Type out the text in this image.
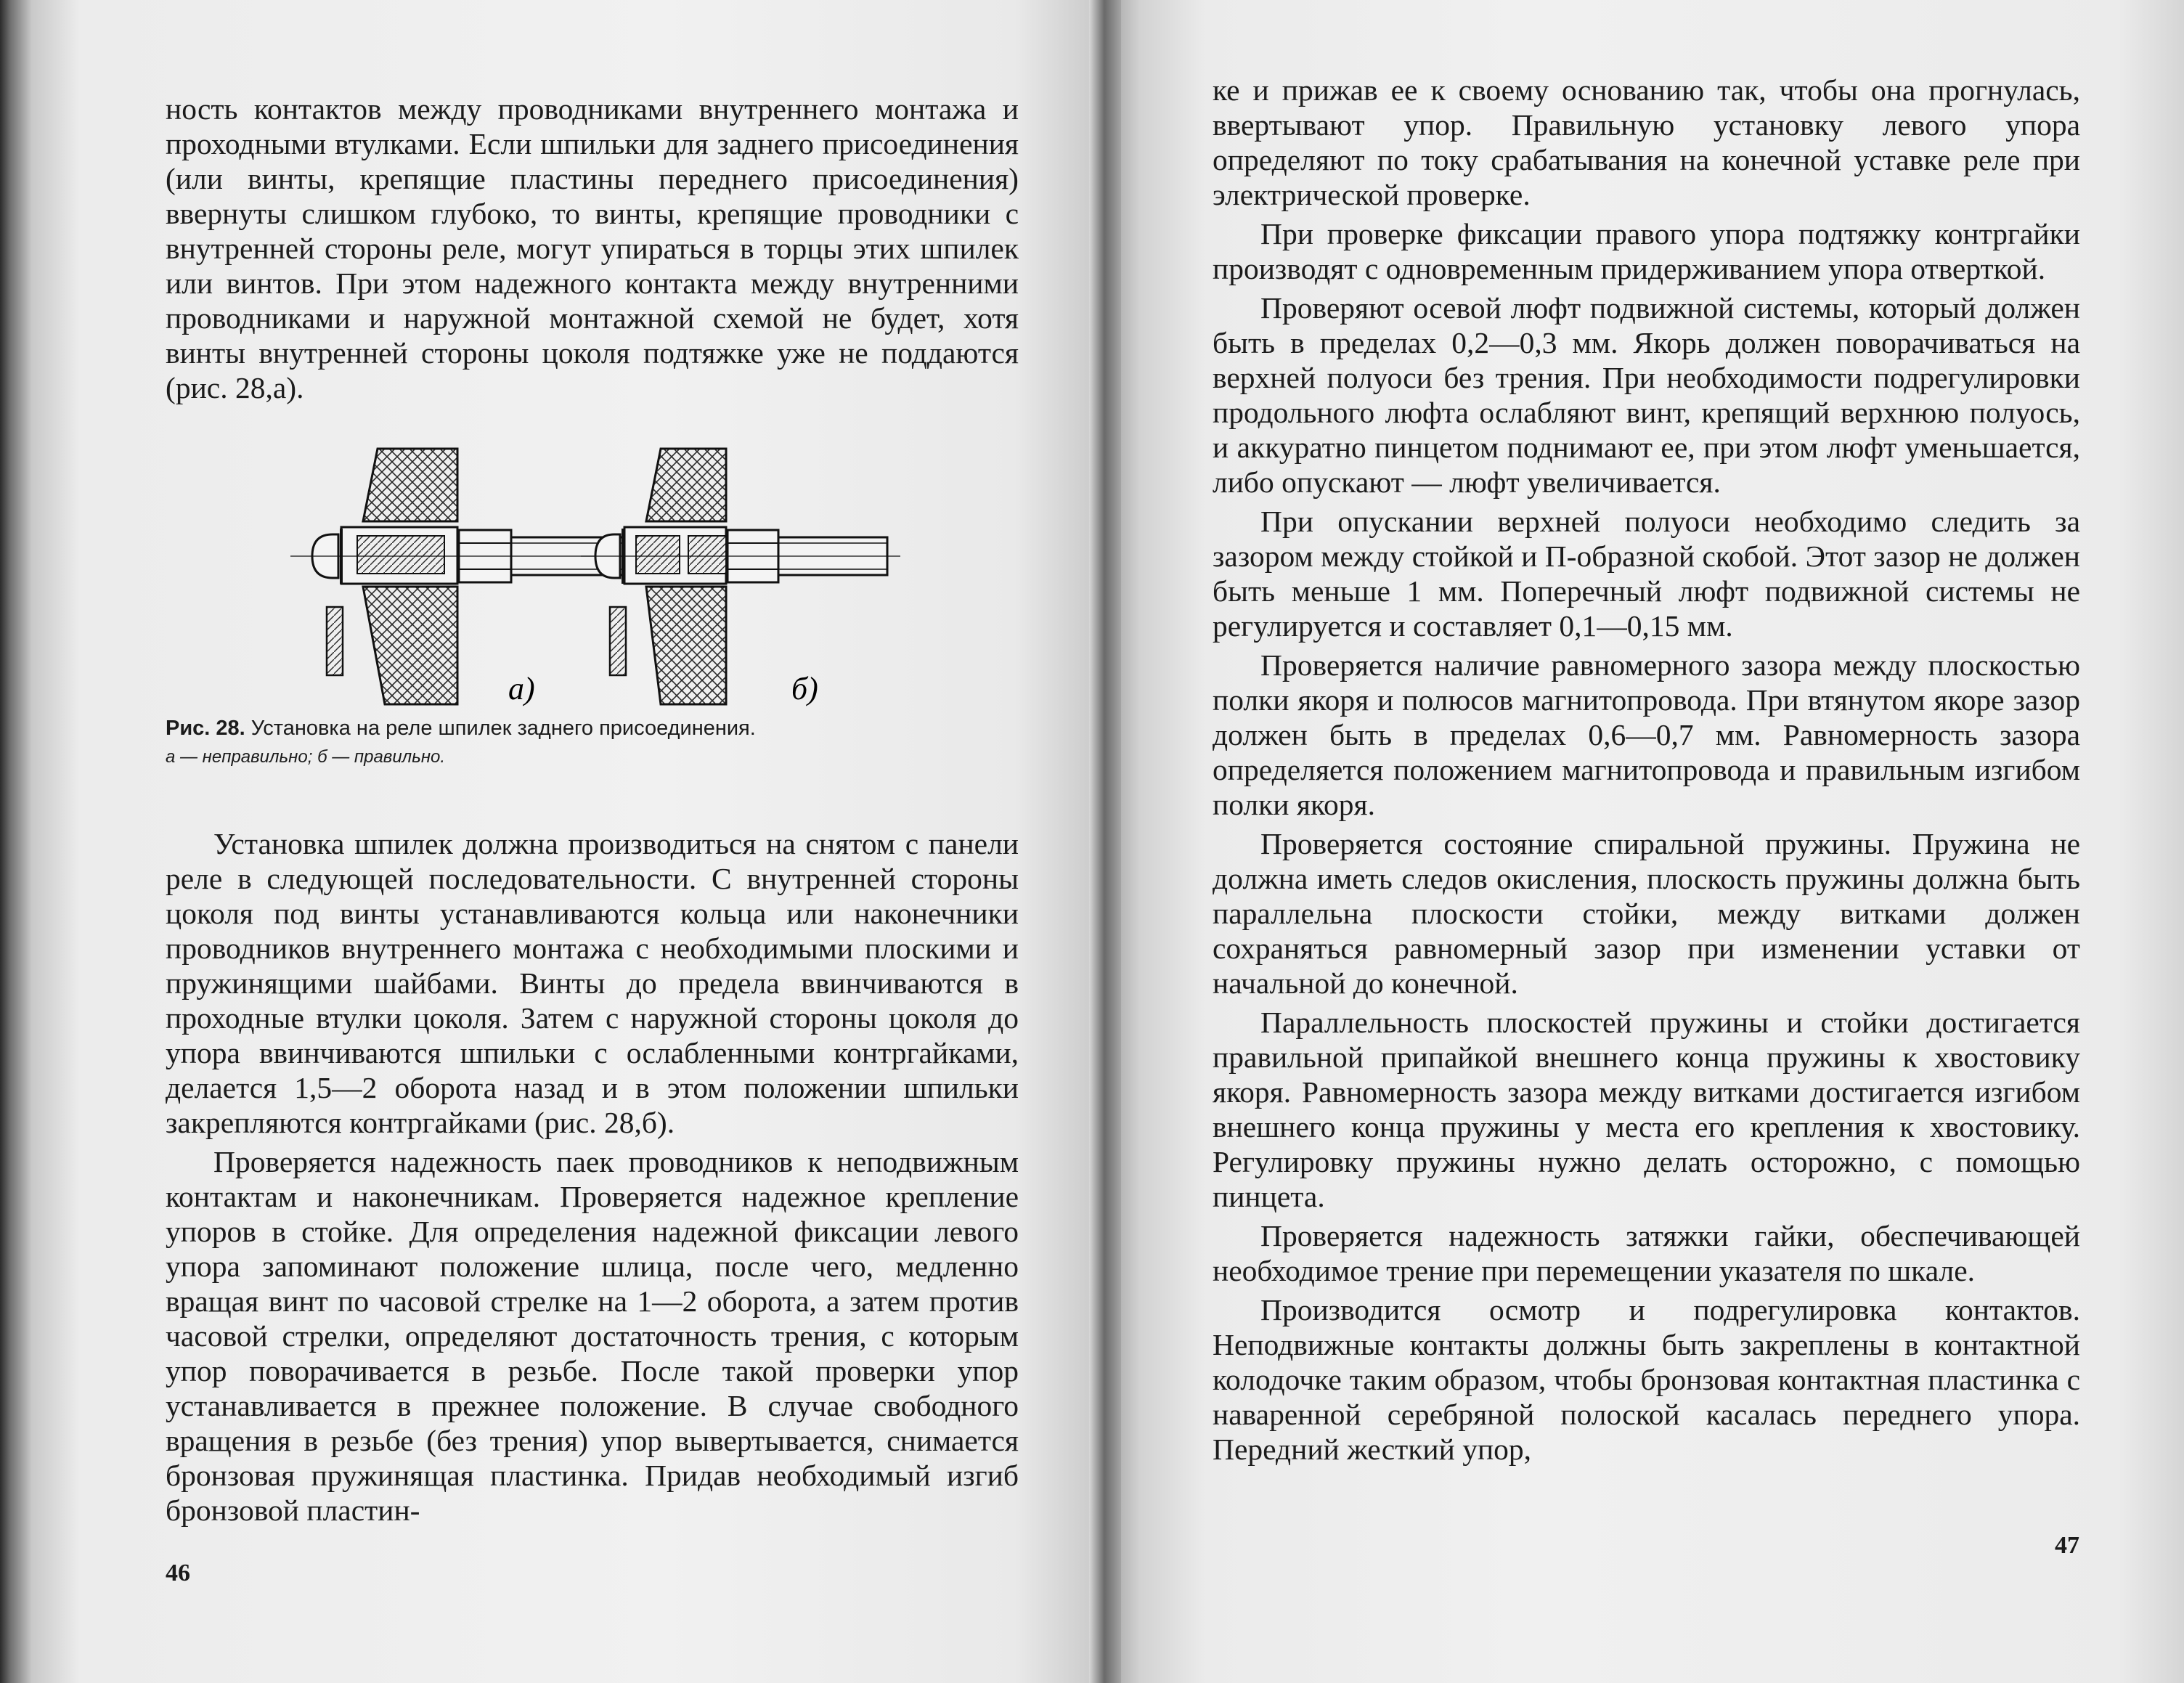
ность контактов между проводниками внутреннего монтажа и проходными втулками. Если шпильки для заднего присоединения (или винты, крепящие пластины переднего присоединения) ввернуты слишком глубоко, то винты, крепящие проводники с внутренней стороны реле, могут упираться в торцы этих шпилек или винтов. При этом надежного контакта между внутренними проводниками и наружной монтажной схемой не будет, хотя винты внутренней стороны цоколя подтяжке уже не поддаются (рис. 28,а).

а)	б)
Рис. 28. Установка на реле шпилек заднего присоединения.
а — неправильно; б — правильно.

Установка шпилек должна производиться на снятом с панели реле в следующей последовательности. С внутренней стороны цоколя под винты устанавливаются кольца или наконечники проводников внутреннего монтажа с необходимыми плоскими и пружинящими шайбами. Винты до предела ввинчиваются в проходные втулки цоколя. Затем с наружной стороны цоколя до упора ввинчиваются шпильки с ослабленными контргайками, делается 1,5—2 оборота назад и в этом положении шпильки закрепляются контргайками (рис. 28,б).

Проверяется надежность паек проводников к неподвижным контактам и наконечникам. Проверяется надежное крепление упоров в стойке. Для определения надежной фиксации левого упора запоминают положение шлица, после чего, медленно вращая винт по часовой стрелке на 1—2 оборота, а затем против часовой стрелки, определяют достаточность трения, с которым упор поворачивается в резьбе. После такой проверки упор устанавливается в прежнее положение. В случае свободного вращения в резьбе (без трения) упор вывертывается, снимается бронзовая пружинящая пластинка. Придав необходимый изгиб бронзовой пластин-

46

ке и прижав ее к своему основанию так, чтобы она прогнулась, ввертывают упор. Правильную установку левого упора определяют по току срабатывания на конечной уставке реле при электрической проверке.

При проверке фиксации правого упора подтяжку контргайки производят с одновременным придерживанием упора отверткой.

Проверяют осевой люфт подвижной системы, который должен быть в пределах 0,2—0,3 мм. Якорь должен поворачиваться на верхней полуоси без трения. При необходимости подрегулировки продольного люфта ослабляют винт, крепящий верхнюю полуось, и аккуратно пинцетом поднимают ее, при этом люфт уменьшается, либо опускают — люфт увеличивается.

При опускании верхней полуоси необходимо следить за зазором между стойкой и П-образной скобой. Этот зазор не должен быть меньше 1 мм. Поперечный люфт подвижной системы не регулируется и составляет 0,1—0,15 мм.

Проверяется наличие равномерного зазора между плоскостью полки якоря и полюсов магнитопровода. При втянутом якоре зазор должен быть в пределах 0,6—0,7 мм. Равномерность зазора определяется положением магнитопровода и правильным изгибом полки якоря.

Проверяется состояние спиральной пружины. Пружина не должна иметь следов окисления, плоскость пружины должна быть параллельна плоскости стойки, между витками должен сохраняться равномерный зазор при изменении уставки от начальной до конечной.

Параллельность плоскостей пружины и стойки достигается правильной припайкой внешнего конца пружины к хвостовику якоря. Равномерность зазора между витками достигается изгибом внешнего конца пружины у места его крепления к хвостовику. Регулировку пружины нужно делать осторожно, с помощью пинцета.

Проверяется надежность затяжки гайки, обеспечивающей необходимое трение при перемещении указателя по шкале.

Производится осмотр и подрегулировка контактов. Неподвижные контакты должны быть закреплены в контактной колодочке таким образом, чтобы бронзовая контактная пластинка с наваренной серебряной полоской касалась переднего упора. Передний жесткий упор,

47
